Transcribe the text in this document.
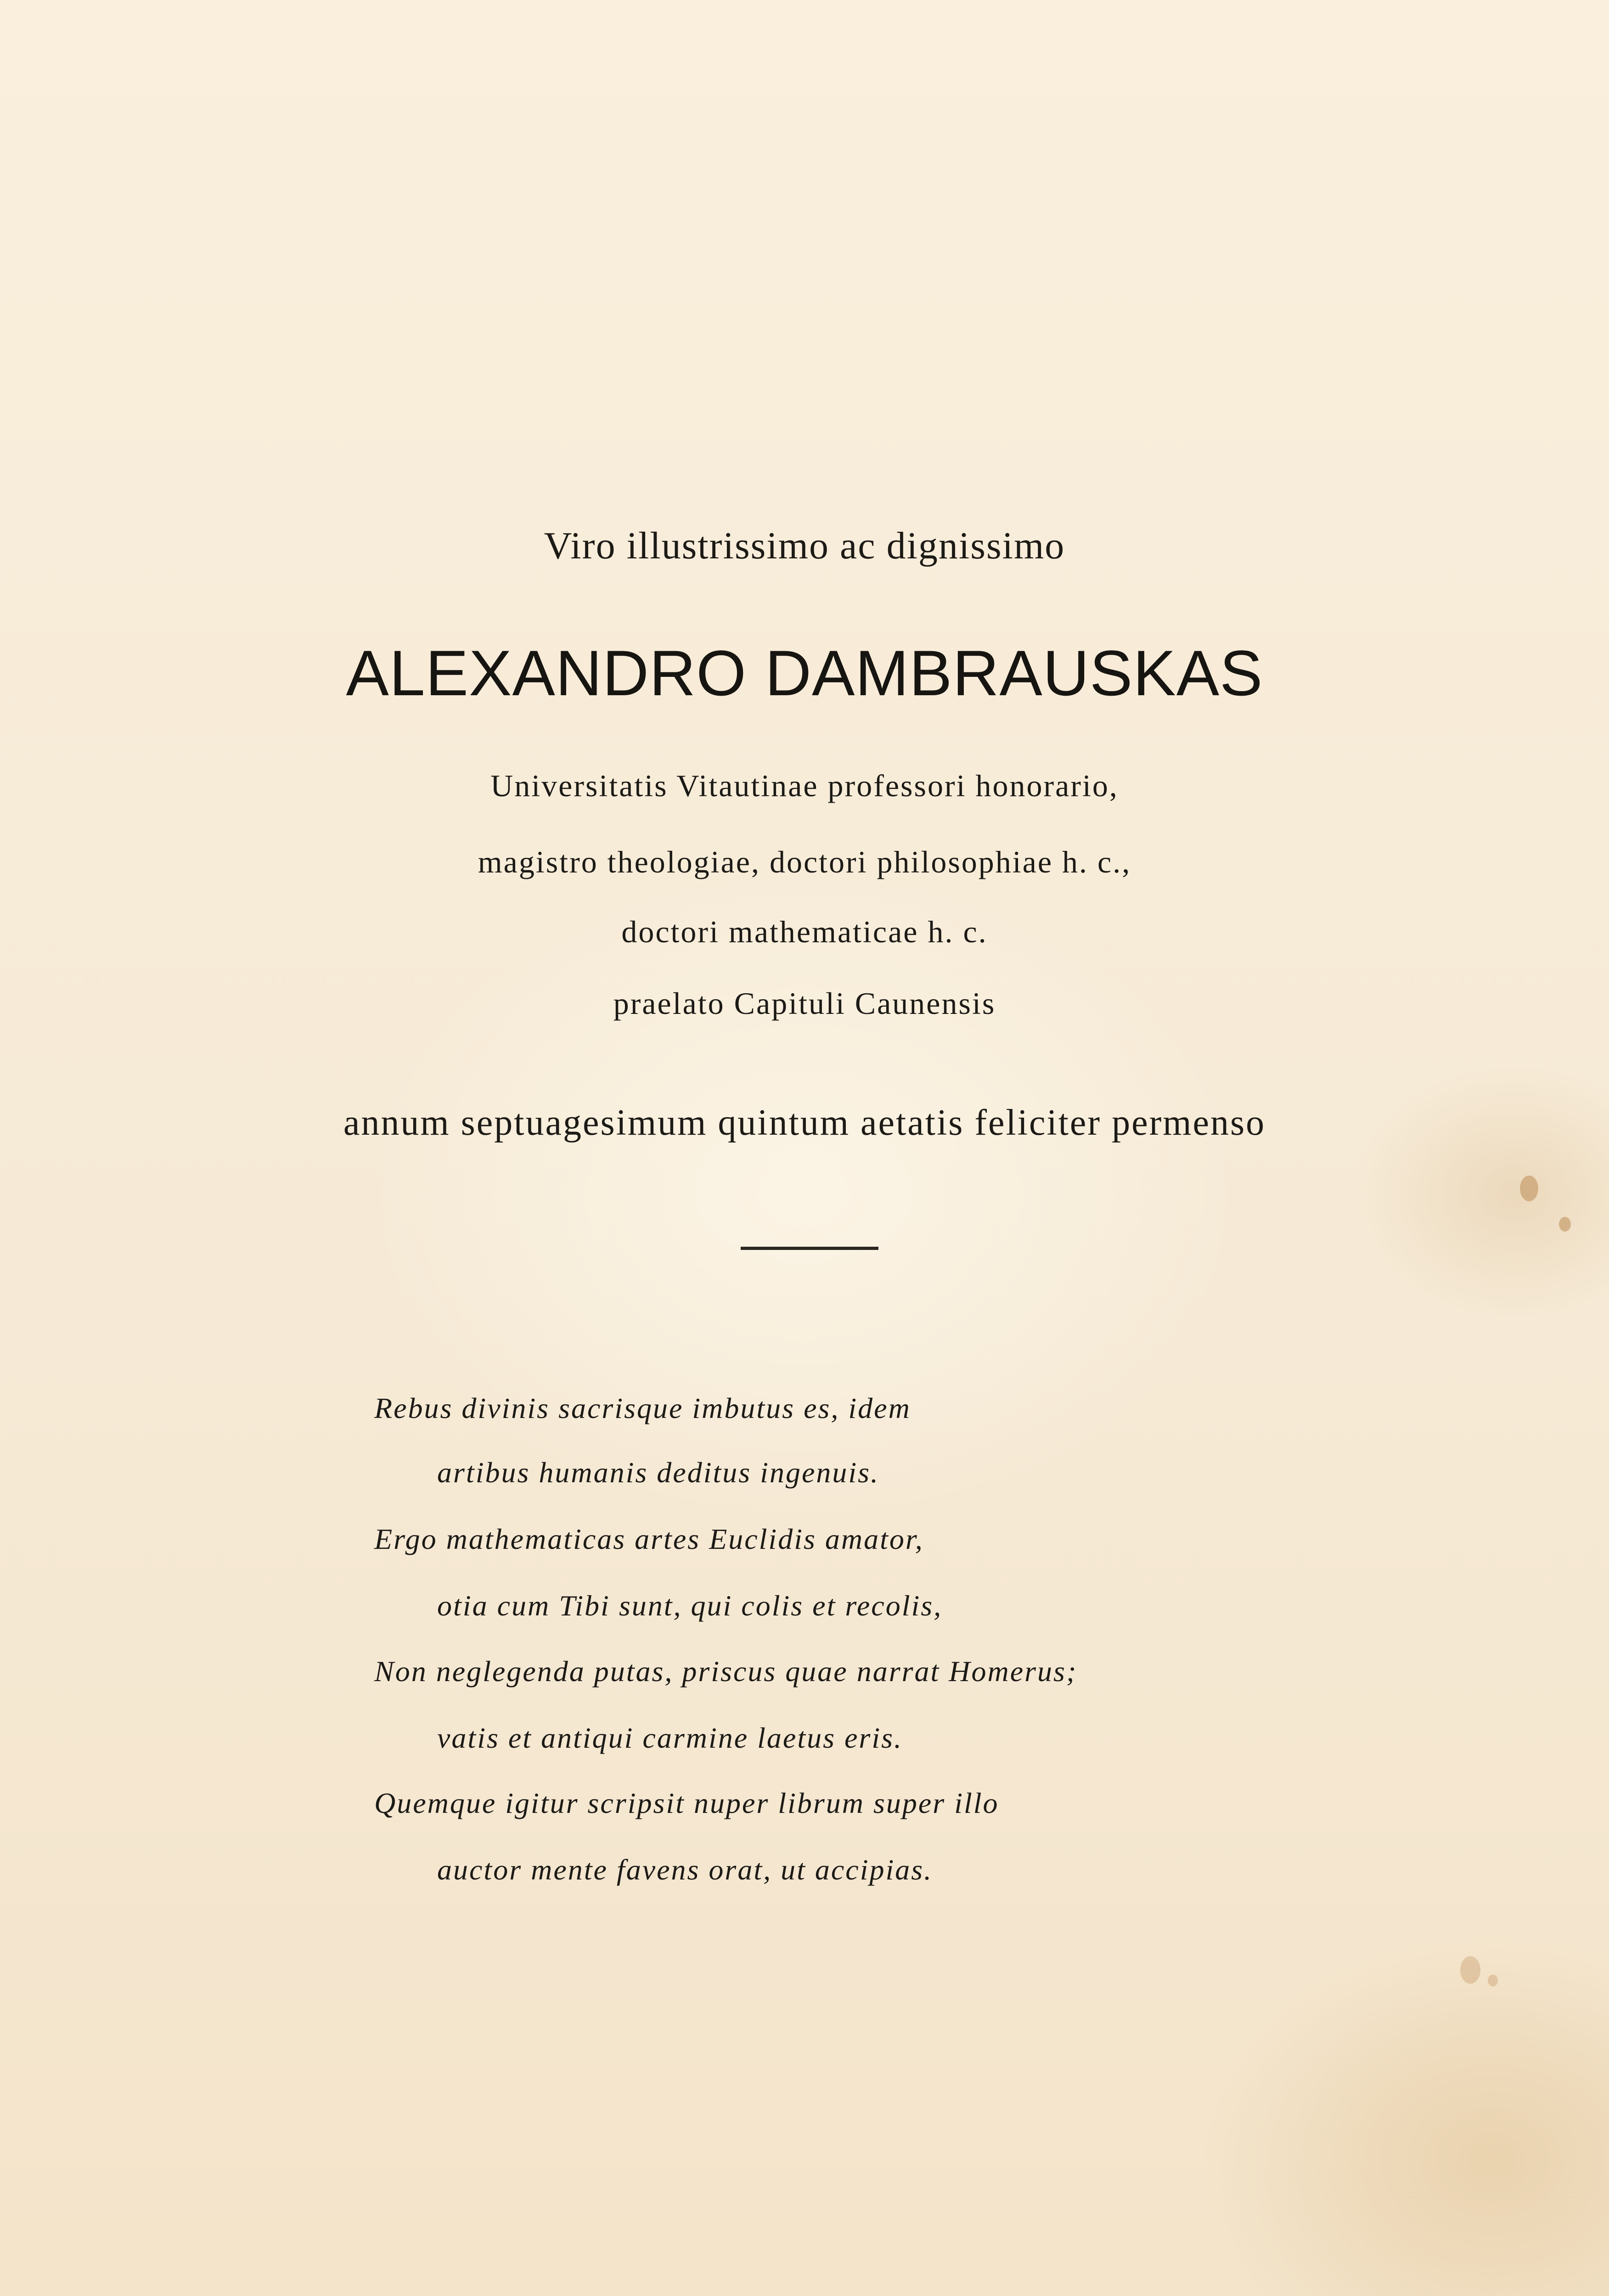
Viro illustrissimo ac dignissimo
ALEXANDRO DAMBRAUSKAS
Universitatis Vitautinae professori honorario,
magistro theologiae, doctori philosophiae h. c.,
doctori mathematicae h. c.
praelato Capituli Caunensis
annum septuagesimum quintum aetatis feliciter permenso
Rebus divinis sacrisque imbutus es, idem
artibus humanis deditus ingenuis.
Ergo mathematicas artes Euclidis amator,
otia cum Tibi sunt, qui colis et recolis,
Non neglegenda putas, priscus quae narrat Homerus;
vatis et antiqui carmine laetus eris.
Quemque igitur scripsit nuper librum super illo
auctor mente favens orat, ut accipias.
